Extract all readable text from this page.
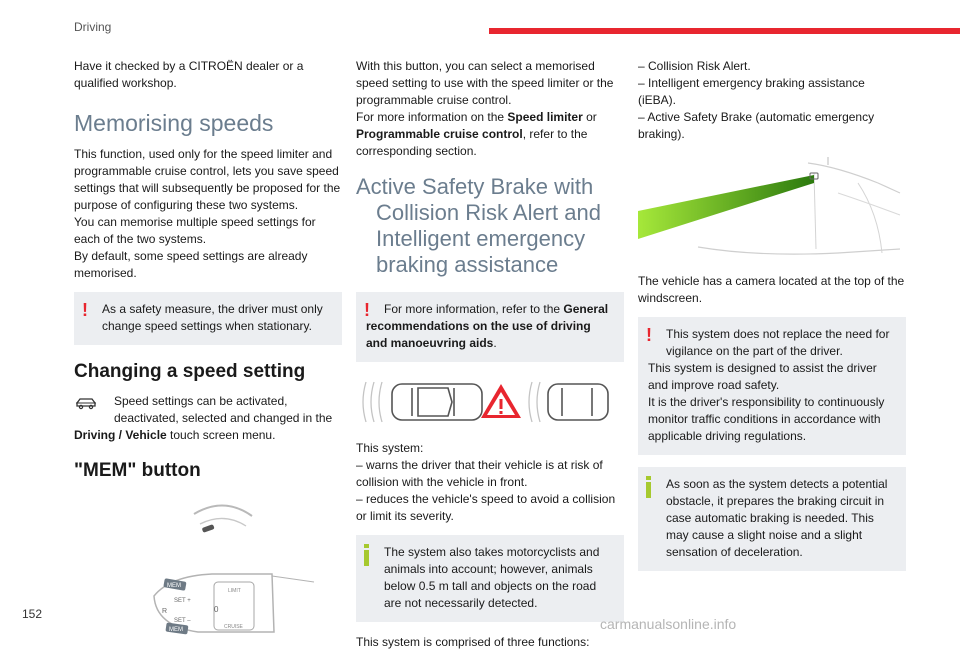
Driving

Have it checked by a CITROËN dealer or a qualified workshop.

Memorising speeds

This function, used only for the speed limiter and programmable cruise control, lets you save speed settings that will subsequently be proposed for the purpose of configuring these two systems.

You can memorise multiple speed settings for each of the two systems.

By default, some speed settings are already memorised.

!	As a safety measure, the driver must only change speed settings when stationary.

Changing a speed setting

Speed settings can be activated,

deactivated, selected and changed in the

Driving / Vehicle touch screen menu.

"MEM" button
MEM
SET +
R	0
SET –
LIMIT
CRUISE
MEM

With this button, you can select a memorised speed setting to use with the speed limiter or the programmable cruise control.

For more information on the Speed limiter or Programmable cruise control, refer to the corresponding section.

Active Safety Brake with
Collision Risk Alert and
Intelligent emergency
braking assistance
!	For more information, refer to the General recommendations on the use of driving and manoeuvring aids.

This system:

– warns the driver that their vehicle is at risk of collision with the vehicle in front.

– reduces the vehicle's speed to avoid a collision or limit its severity.

The system also takes motorcyclists and animals into account; however, animals below 0.5 m tall and objects on the road are not necessarily detected.

This system is comprised of three functions:

– Collision Risk Alert.

– Intelligent emergency braking assistance (iEBA).

– Active Safety Brake (automatic emergency braking).

The vehicle has a camera located at the top of the windscreen.

!	This system does not replace the need for vigilance on the part of the driver.

This system is designed to assist the driver and improve road safety.

It is the driver's responsibility to continuously monitor traffic conditions in accordance with applicable driving regulations.

As soon as the system detects a potential obstacle, it prepares the braking circuit in case automatic braking is needed. This may cause a slight noise and a slight sensation of deceleration.

152
carmanualsonline.info
